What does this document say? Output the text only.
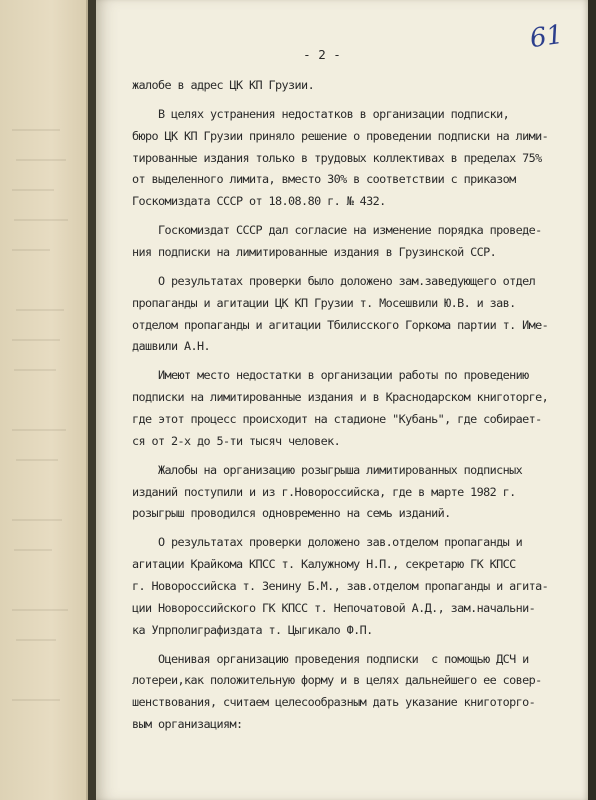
61
- 2 -
жалобе в адрес ЦК КП Грузии.
В целях устранения недостатков в организации подписки,
бюро ЦК КП Грузии приняло решение о проведении подписки на лими-
тированные издания только в трудовых коллективах в пределах 75%
от выделенного лимита, вместо 30% в соответствии с приказом
Госкомиздата СССР от 18.08.80 г. № 432.
Госкомиздат СССР дал согласие на изменение порядка проведе-
ния подписки на лимитированные издания в Грузинской ССР.
О результатах проверки было доложено зам.заведующего отдел
пропаганды и агитации ЦК КП Грузии т. Мосешвили Ю.В. и зав.
отделом пропаганды и агитации Тбилисского Горкома партии т. Име-
дашвили А.Н.
Имеют место недостатки в организации работы по проведению
подписки на лимитированные издания и в Краснодарском книготорге,
где этот процесс происходит на стадионе "Кубань", где собирает-
ся от 2-х до 5-ти тысяч человек.
Жалобы на организацию розыгрыша лимитированных подписных
изданий поступили и из г.Новороссийска, где в марте 1982 г.
розыгрыш проводился одновременно на семь изданий.
О результатах проверки доложено зав.отделом пропаганды и
агитации Крайкома КПСС т. Калужному Н.П., секретарю ГК КПСС
г. Новороссийска т. Зенину Б.М., зав.отделом пропаганды и агита-
ции Новороссийского ГК КПСС т. Непочатовой А.Д., зам.начальни-
ка Упрполиграфиздата т. Цыгикало Ф.П.
Оценивая организацию проведения подписки  с помощью ДСЧ и
лотереи,как положительную форму и в целях дальнейшего ее совер-
шенствования, считаем целесообразным дать указание книготорго-
вым организациям:
